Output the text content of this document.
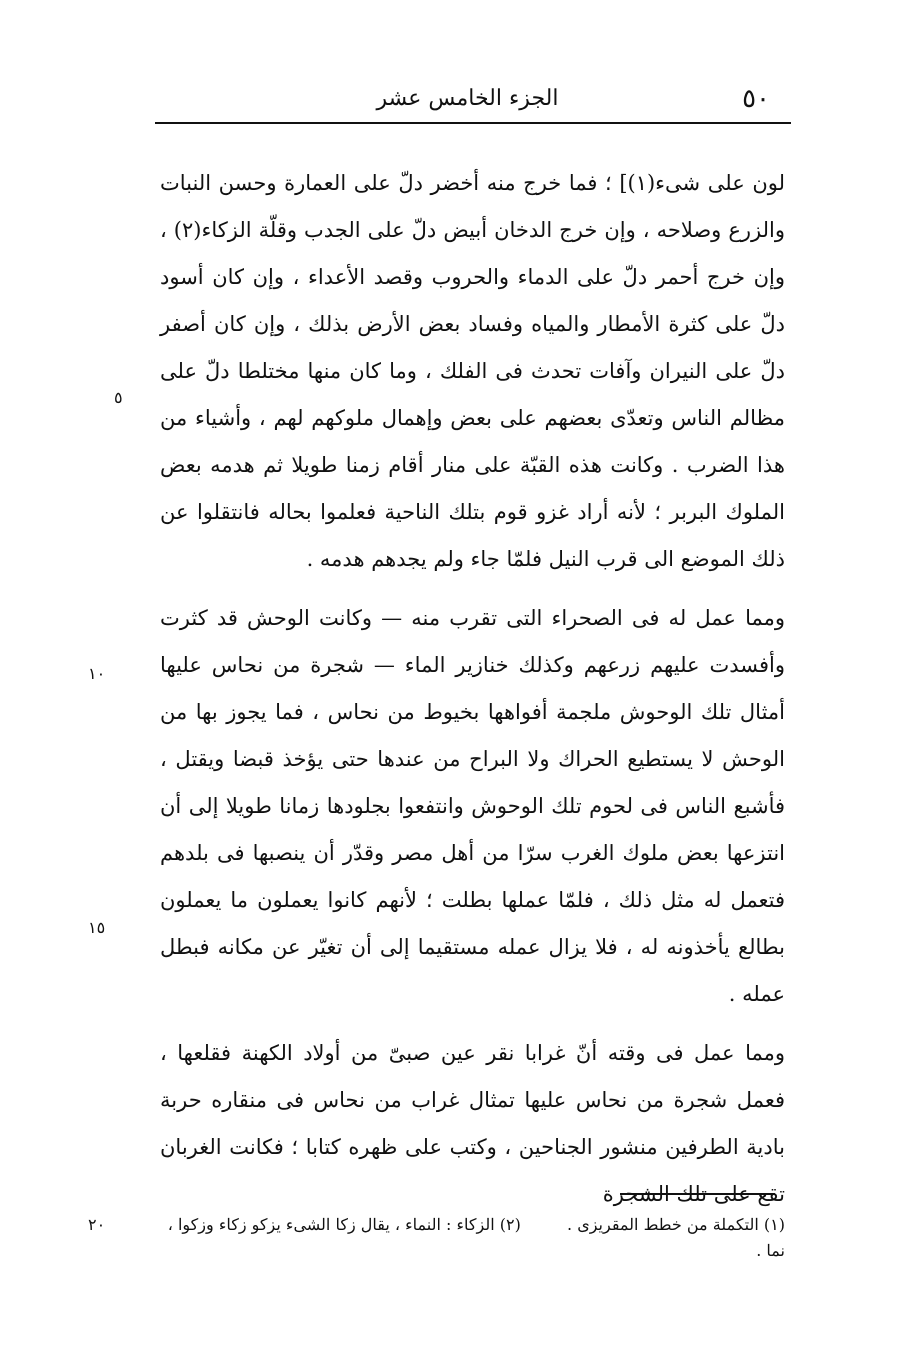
الجزء الخامس عشر	٥٠

لون على شىء(١)] ؛ فما خرج منه أخضر دلّ على العمارة وحسن النبات والزرع وصلاحه ، وإن خرج الدخان أبيض دلّ على الجدب وقلّة الزكاء(٢) ، وإن خرج أحمر دلّ على الدماء والحروب وقصد الأعداء ، وإن كان أسود دلّ على كثرة الأمطار والمياه وفساد بعض الأرض بذلك ، وإن كان أصفر دلّ على النيران وآفات تحدث فى الفلك ، وما كان منها مختلطا دلّ على مظالم الناس وتعدّى بعضهم على بعض وإهمال ملوكهم لهم ، وأشياء من هذا الضرب . وكانت هذه القبّة على منار أقام زمنا طويلا ثم هدمه بعض الملوك البربر ؛ لأنه أراد غزو قوم بتلك الناحية فعلموا بحاله فانتقلوا عن ذلك الموضع الى قرب النيل فلمّا جاء ولم يجدهم هدمه .

ومما عمل له فى الصحراء التى تقرب منه — وكانت الوحش قد كثرت وأفسدت عليهم زرعهم وكذلك خنازير الماء — شجرة من نحاس عليها أمثال تلك الوحوش ملجمة أفواهها بخيوط من نحاس ، فما يجوز بها من الوحش لا يستطيع الحراك ولا البراح من عندها حتى يؤخذ قبضا ويقتل ، فأشبع الناس فى لحوم تلك الوحوش وانتفعوا بجلودها زمانا طويلا إلى أن انتزعها بعض ملوك الغرب سرّا من أهل مصر وقدّر أن ينصبها فى بلدهم فتعمل له مثل ذلك ، فلمّا عملها بطلت ؛ لأنهم كانوا يعملون ما يعملون بطالع يأخذونه له ، فلا يزال عمله مستقيما إلى أن تغيّر عن مكانه فبطل عمله .

ومما عمل فى وقته أنّ غرابا نقر عين صبىّ من أولاد الكهنة فقلعها ، فعمل شجرة من نحاس عليها تمثال غراب من نحاس فى منقاره حربة بادية الطرفين منشور الجناحين ، وكتب على ظهره كتابا ؛ فكانت الغربان تقع على تلك الشجرة

٥
١٠
١٥
٢٠	(١) التكملة من خطط المقريزى .  (٢) الزكاء : النماء ، يقال زكا الشىء يزكو زكاء وزكوا ، نما .
